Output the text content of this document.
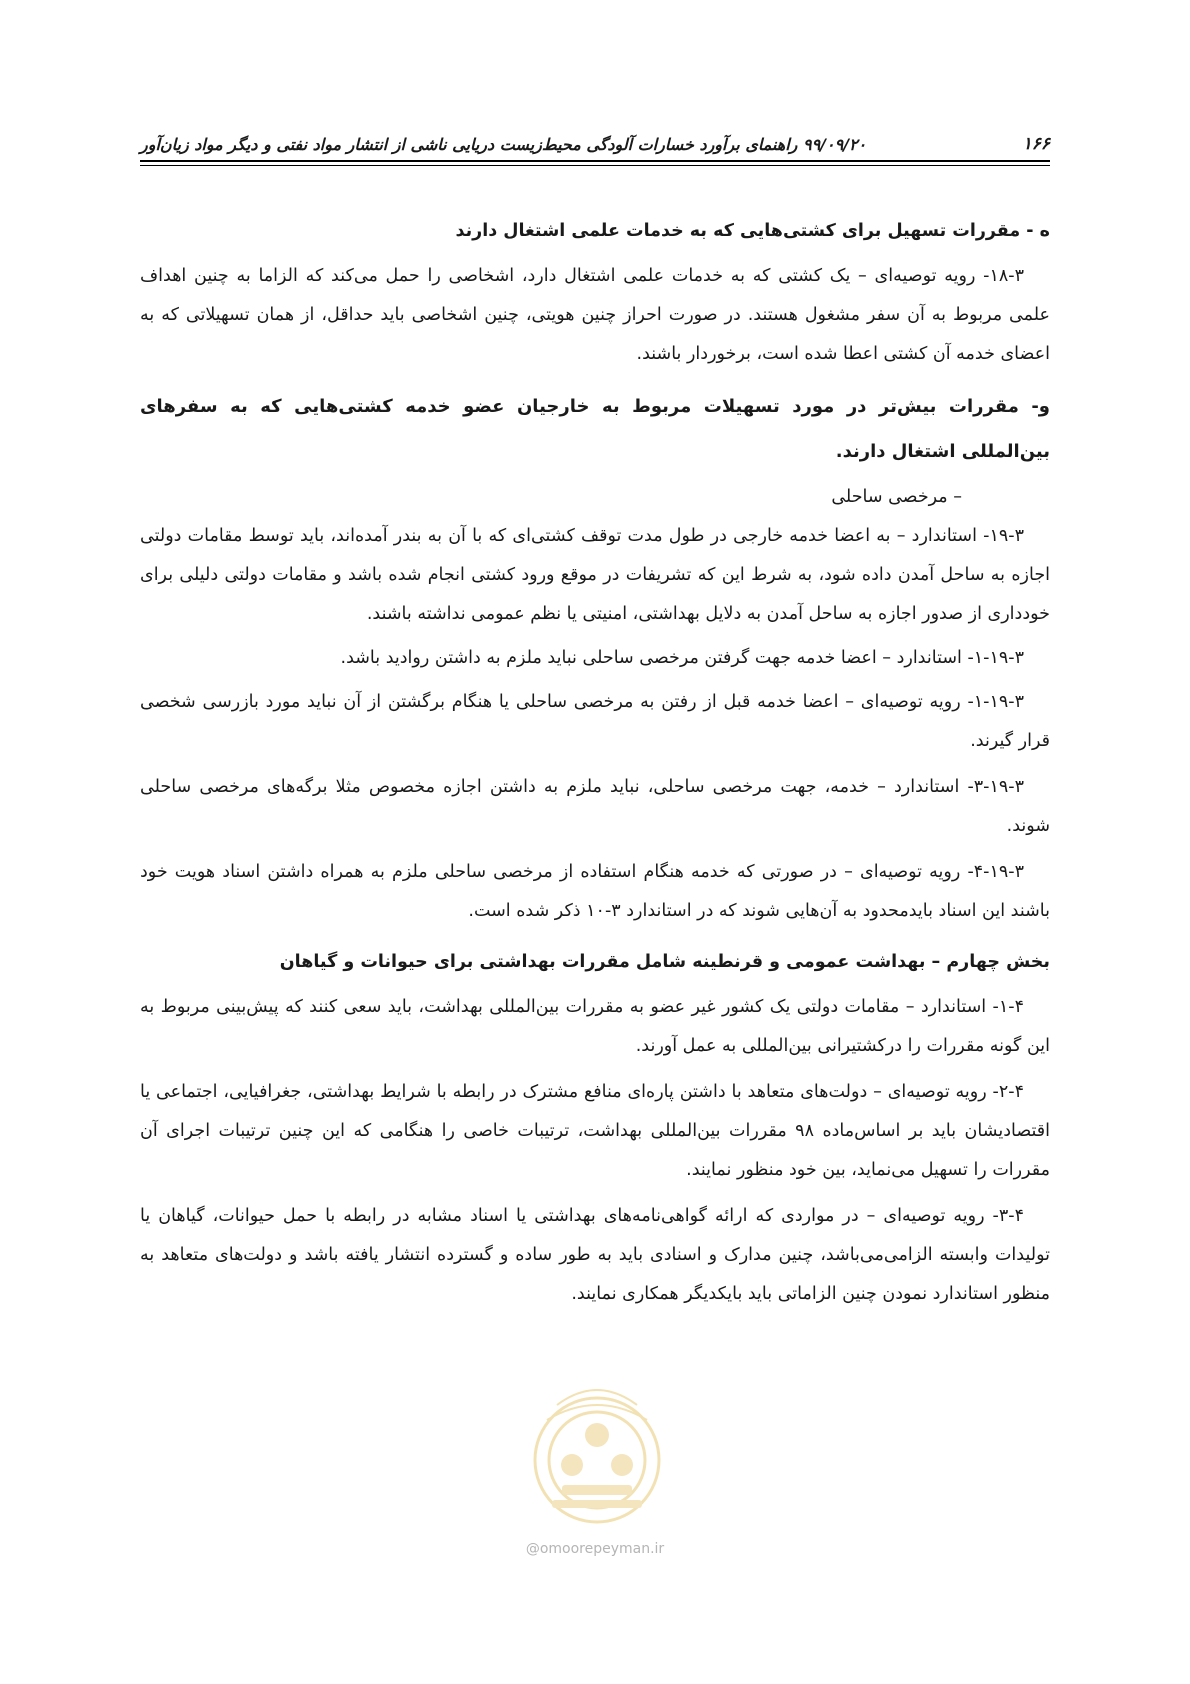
۱۶۶
۹۹/۰۹/۲۰ راهنمای برآورد خسارات آلودگی محیط‌زیست دریایی ناشی از انتشار مواد نفتی و دیگر مواد زیان‌آور
ه - مقررات تسهیل برای کشتی‌هایی که به خدمات علمی اشتغال دارند

۱۸-۳- رویه توصیه‌ای – یک کشتی که به خدمات علمی اشتغال دارد، اشخاصی را حمل می‌کند که الزاما به چنین اهداف علمی مربوط به آن سفر مشغول هستند. در صورت احراز چنین هویتی، چنین اشخاصی باید حداقل، از همان تسهیلاتی که به اعضای خدمه آن کشتی اعطا شده است، برخوردار باشند.

و- مقررات بیش‌تر در مورد تسهیلات مربوط به خارجیان عضو خدمه کشتی‌هایی که به سفرهای بین‌المللی اشتغال دارند.

– مرخصی ساحلی

۱۹-۳- استاندارد – به اعضا خدمه خارجی در طول مدت توقف کشتی‌ای که با آن به بندر آمده‌اند، باید توسط مقامات دولتی اجازه به ساحل آمدن داده شود، به شرط این که تشریفات در موقع ورود کشتی انجام شده باشد و مقامات دولتی دلیلی برای خودداری از صدور اجازه به ساحل آمدن به دلایل بهداشتی، امنیتی یا نظم عمومی نداشته باشند.

۱-۱۹-۳- استاندارد – اعضا خدمه جهت گرفتن مرخصی ساحلی نباید ملزم به داشتن روادید باشد.

۱-۱۹-۳- رویه توصیه‌ای – اعضا خدمه قبل از رفتن به مرخصی ساحلی یا هنگام برگشتن از آن نباید مورد بازرسی شخصی قرار گیرند.

۳-۱۹-۳- استاندارد – خدمه، جهت مرخصی ساحلی، نباید ملزم به داشتن اجازه مخصوص مثلا برگه‌های مرخصی ساحلی شوند.

۴-۱۹-۳- رویه توصیه‌ای – در صورتی که خدمه هنگام استفاده از مرخصی ساحلی ملزم به همراه داشتن اسناد هویت خود باشند این اسناد بایدمحدود به آن‌هایی شوند که در استاندارد ۳-۱۰ ذکر شده است.

بخش چهارم – بهداشت عمومی و قرنطینه شامل مقررات بهداشتی برای حیوانات و گیاهان

۱-۴- استاندارد – مقامات دولتی یک کشور غیر عضو به مقررات بین‌المللی بهداشت، باید سعی کنند که پیش‌بینی مربوط به این گونه مقررات را درکشتیرانی بین‌المللی به عمل آورند.

۲-۴- رویه توصیه‌ای – دولت‌های متعاهد با داشتن پاره‌ای منافع مشترک در رابطه با شرایط بهداشتی، جغرافیایی، اجتماعی یا اقتصادیشان باید بر اساس‌ماده ۹۸ مقررات بین‌المللی بهداشت، ترتیبات خاصی را هنگامی که این چنین ترتیبات اجرای آن مقررات را تسهیل می‌نماید، بین خود منظور نمایند.

۳-۴- رویه توصیه‌ای – در مواردی که ارائه گواهی‌نامه‌های بهداشتی یا اسناد مشابه در رابطه با حمل حیوانات، گیاهان یا تولیدات وابسته الزامی‌می‌باشد، چنین مدارک و اسنادی باید به طور ساده و گسترده انتشار یافته باشد و دولت‌های متعاهد به منظور استاندارد نمودن چنین الزاماتی باید بایکدیگر همکاری نمایند.

@omoorepeyman.ir
